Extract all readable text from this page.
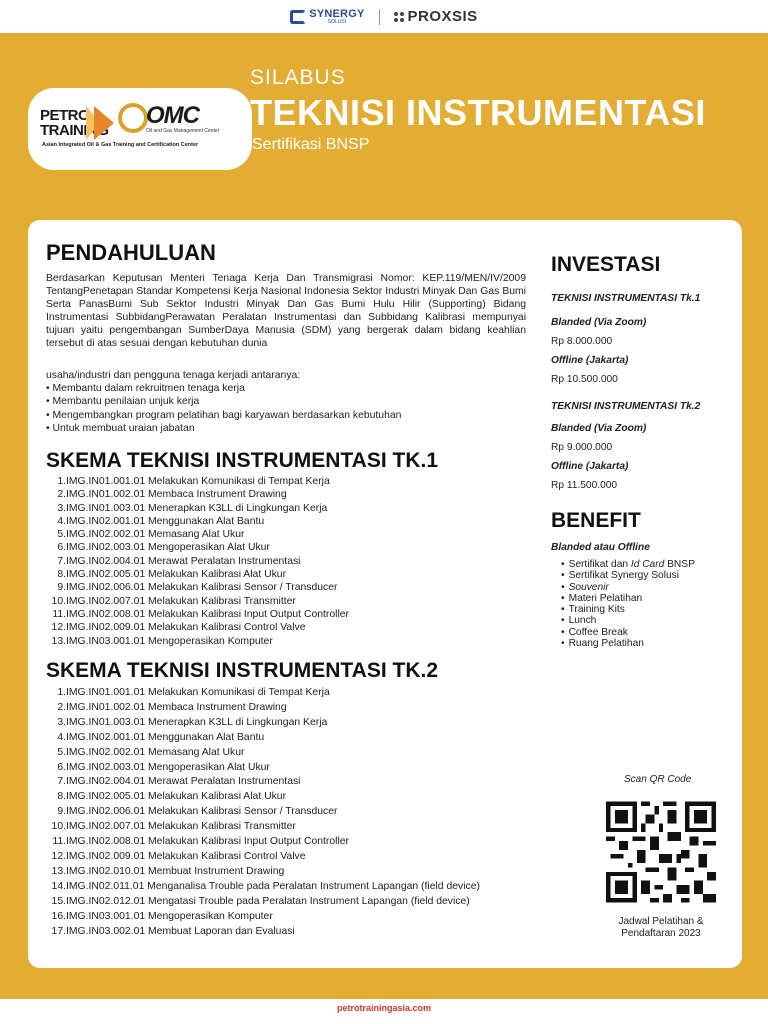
SYNERGY
SOLUSI	PROXSIS
PETRO
TRAINING
OMC
Oil and Gas Management Center
Asian Integrated Oil & Gas Training and Certification Center
SILABUS
TEKNISI INSTRUMENTASI
Sertifikasi BNSP
PENDAHULUAN
Berdasarkan Keputusan Menteri Tenaga Kerja Dan Transmigrasi Nomor: KEP.119/MEN/IV/2009 TentangPenetapan Standar Kompetensi Kerja Nasional Indonesia Sektor Industri Minyak Dan Gas Bumi Serta PanasBumi Sub Sektor Industri Minyak Dan Gas Bumi Hulu Hilir (Supporting) Bidang Instrumentasi SubbidangPerawatan Peralatan Instrumentasi dan Subbidang Kalibrasi mempunyai tujuan yaitu pengembangan SumberDaya Manusia (SDM) yang bergerak dalam bidang keahlian tersebut di atas sesuai dengan kebutuhan dunia
usaha/industri dan pengguna tenaga kerjadi antaranya:
• Membantu dalam rekruitmen tenaga kerja
• Membantu penilaian unjuk kerja
• Mengembangkan program pelatihan bagi karyawan berdasarkan kebutuhan
• Untuk membuat uraian jabatan
SKEMA TEKNISI INSTRUMENTASI TK.1
1. IMG.IN01.001.01 Melakukan Komunikasi di Tempat Kerja
2. IMG.IN01.002.01 Membaca Instrument Drawing
3. IMG.IN01.003.01 Menerapkan K3LL di Lingkungan Kerja
4. IMG.IN02.001.01 Menggunakan Alat Bantu
5. IMG.IN02.002.01 Memasang Alat Ukur
6. IMG.IN02.003.01 Mengoperasikan Alat Ukur
7. IMG.IN02.004.01 Merawat Peralatan Instrumentasi
8. IMG.IN02.005.01 Melakukan Kalibrasi Alat Ukur
9. IMG.IN02.006.01 Melakukan Kalibrasi Sensor / Transducer
10. IMG.IN02.007.01 Melakukan Kalibrasi Transmitter
11. IMG.IN02.008.01 Melakukan Kalibrasi Input Output Controller
12. IMG.IN02.009.01 Melakukan Kalibrasi Control Valve
13. IMG.IN03.001.01 Mengoperasikan Komputer
SKEMA TEKNISI INSTRUMENTASI TK.2
1. IMG.IN01.001.01 Melakukan Komunikasi di Tempat Kerja
2. IMG.IN01.002.01 Membaca Instrument Drawing
3. IMG.IN01.003.01 Menerapkan K3LL di Lingkungan Kerja
4. IMG.IN02.001.01 Menggunakan Alat Bantu
5. IMG.IN02.002.01 Memasang Alat Ukur
6. IMG.IN02.003.01 Mengoperasikan Alat Ukur
7. IMG.IN02.004.01 Merawat Peralatan Instrumentasi
8. IMG.IN02.005.01 Melakukan Kalibrasi Alat Ukur
9. IMG.IN02.006.01 Melakukan Kalibrasi Sensor / Transducer
10. IMG.IN02.007.01 Melakukan Kalibrasi Transmitter
11. IMG.IN02.008.01 Melakukan Kalibrasi Input Output Controller
12. IMG.IN02.009.01 Melakukan Kalibrasi Control Valve
13. IMG.IN02.010.01 Membuat Instrument Drawing
14. IMG.IN02.011.01 Menganalisa Trouble pada Peralatan Instrument Lapangan (field device)
15. IMG.IN02.012.01 Mengatasi Trouble pada Peralatan Instrument Lapangan (field device)
16. IMG.IN03.001.01 Mengoperasikan Komputer
17. IMG.IN03.002.01 Membuat Laporan dan Evaluasi
INVESTASI
TEKNISI INSTRUMENTASI Tk.1
Blanded (Via Zoom)
Rp 8.000.000
Offline (Jakarta)
Rp 10.500.000
TEKNISI INSTRUMENTASI Tk.2
Blanded (Via Zoom)
Rp 9.000.000
Offline (Jakarta)
Rp 11.500.000
BENEFIT
Blanded atau Offline
• Sertifikat dan Id Card BNSP
• Sertifikat Synergy Solusi
• Souvenir
• Materi Pelatihan
• Training Kits
• Lunch
• Coffee Break
• Ruang Pelatihan
Scan QR Code
Jadwal Pelatihan & Pendaftaran 2023
petrotrainingasia.com
